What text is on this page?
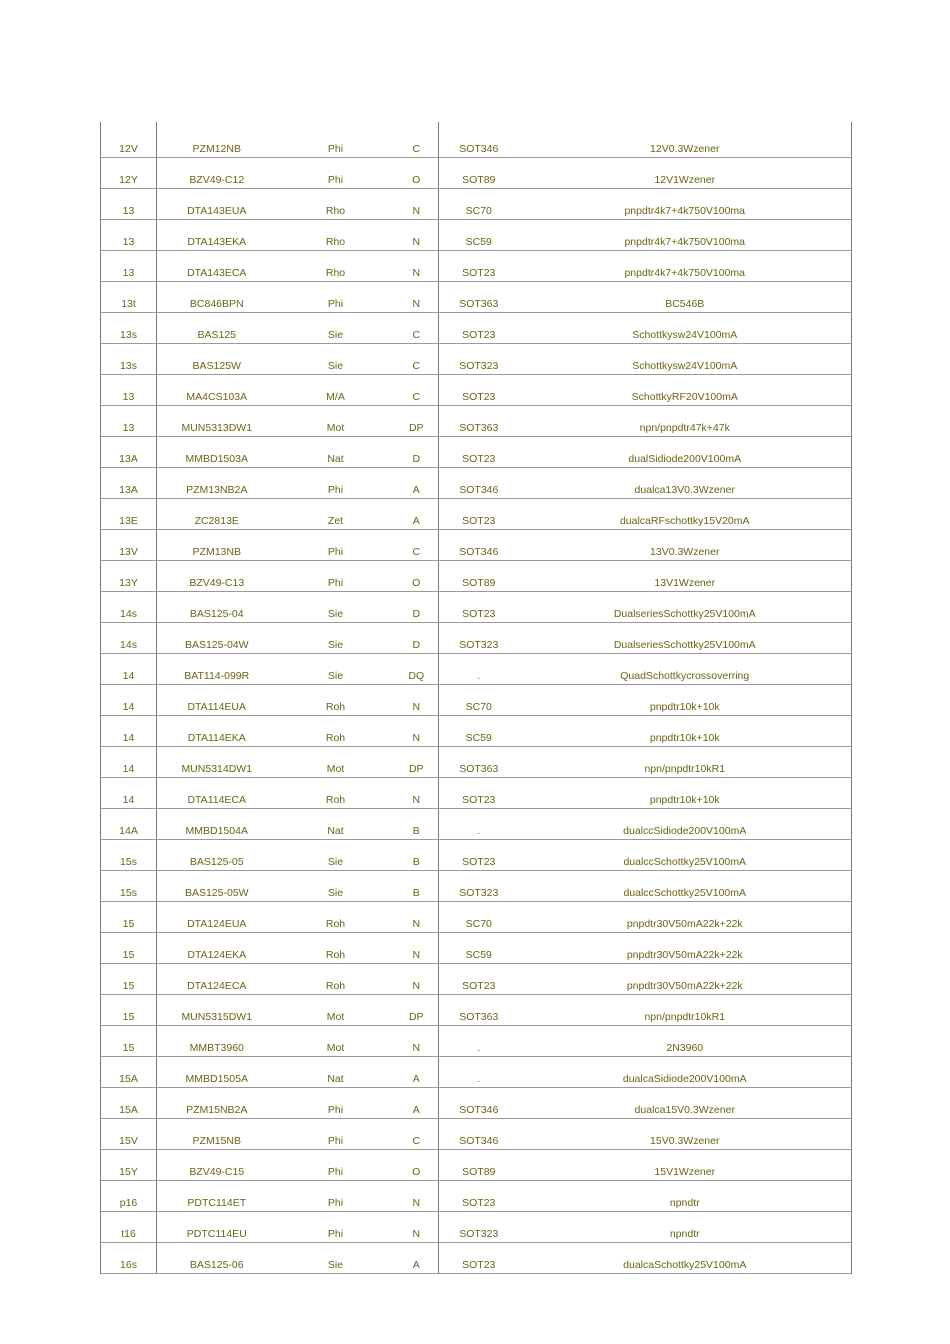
12V	PZM12NB	Phi	C	SOT346	12V0.3Wzener
12Y	BZV49-C12	Phi	O	SOT89	12V1Wzener
13	DTA143EUA	Rho	N	SC70	pnpdtr4k7+4k750V100ma
13	DTA143EKA	Rho	N	SC59	pnpdtr4k7+4k750V100ma
13	DTA143ECA	Rho	N	SOT23	pnpdtr4k7+4k750V100ma
13t	BC846BPN	Phi	N	SOT363	BC546B
13s	BAS125	Sie	C	SOT23	Schottkysw24V100mA
13s	BAS125W	Sie	C	SOT323	Schottkysw24V100mA
13	MA4CS103A	M/A	C	SOT23	SchottkyRF20V100mA
13	MUN5313DW1	Mot	DP	SOT363	npn/pnpdtr47k+47k
13A	MMBD1503A	Nat	D	SOT23	dualSidiode200V100mA
13A	PZM13NB2A	Phi	A	SOT346	dualca13V0.3Wzener
13E	ZC2813E	Zet	A	SOT23	dualcaRFschottky15V20mA
13V	PZM13NB	Phi	C	SOT346	13V0.3Wzener
13Y	BZV49-C13	Phi	O	SOT89	13V1Wzener
14s	BAS125-04	Sie	D	SOT23	DualseriesSchottky25V100mA
14s	BAS125-04W	Sie	D	SOT323	DualseriesSchottky25V100mA
14	BAT114-099R	Sie	DQ	.	QuadSchottkycrossoverring
14	DTA114EUA	Roh	N	SC70	pnpdtr10k+10k
14	DTA114EKA	Roh	N	SC59	pnpdtr10k+10k
14	MUN5314DW1	Mot	DP	SOT363	npn/pnpdtr10kR1
14	DTA114ECA	Roh	N	SOT23	pnpdtr10k+10k
14A	MMBD1504A	Nat	B	.	dualccSidiode200V100mA
15s	BAS125-05	Sie	B	SOT23	dualccSchottky25V100mA
15s	BAS125-05W	Sie	B	SOT323	dualccSchottky25V100mA
15	DTA124EUA	Roh	N	SC70	pnpdtr30V50mA22k+22k
15	DTA124EKA	Roh	N	SC59	pnpdtr30V50mA22k+22k
15	DTA124ECA	Roh	N	SOT23	pnpdtr30V50mA22k+22k
15	MUN5315DW1	Mot	DP	SOT363	npn/pnpdtr10kR1
15	MMBT3960	Mot	N	.	2N3960
15A	MMBD1505A	Nat	A	.	dualcaSidiode200V100mA
15A	PZM15NB2A	Phi	A	SOT346	dualca15V0.3Wzener
15V	PZM15NB	Phi	C	SOT346	15V0.3Wzener
15Y	BZV49-C15	Phi	O	SOT89	15V1Wzener
p16	PDTC114ET	Phi	N	SOT23	npndtr
t16	PDTC114EU	Phi	N	SOT323	npndtr
16s	BAS125-06	Sie	A	SOT23	dualcaSchottky25V100mA
